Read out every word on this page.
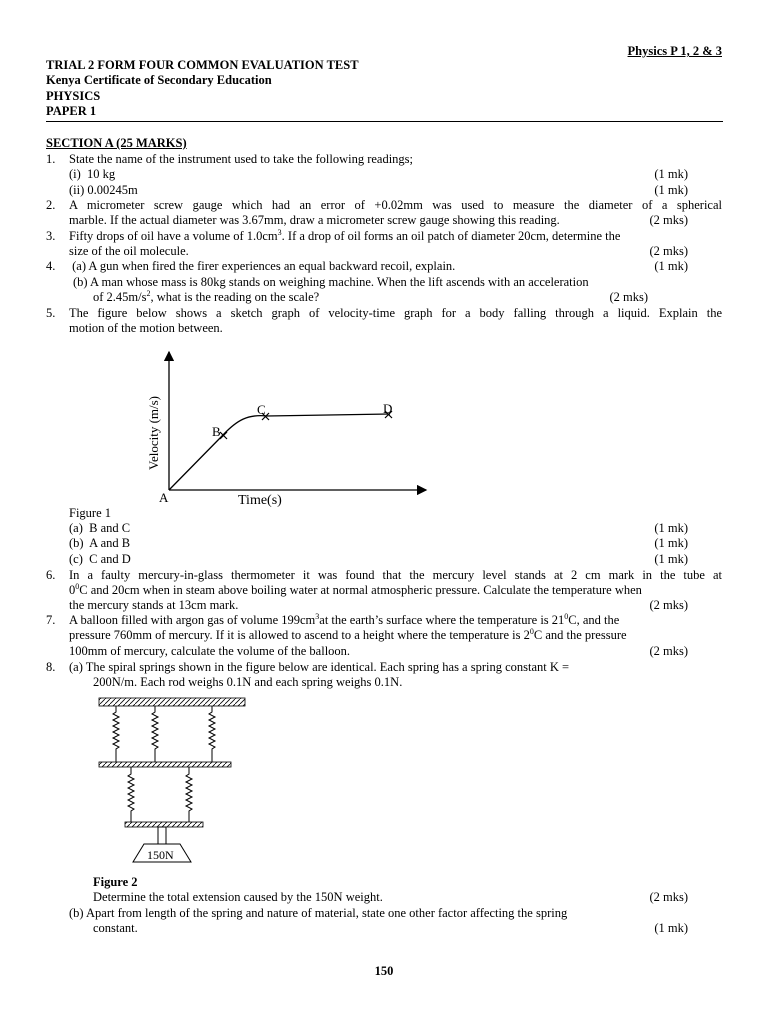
Physics P 1, 2 & 3
TRIAL 2 FORM FOUR COMMON EVALUATION TEST
Kenya Certificate of Secondary Education
PHYSICS
PAPER 1
SECTION A (25 MARKS)
1. State the name of the instrument used to take the following readings;
(i)  10 kg	(1 mk)
(ii) 0.00245m	(1 mk)
2. A micrometer screw gauge which had an error of +0.02mm was used to measure the diameter of a spherical
marble. If the actual diameter was 3.67mm, draw a micrometer screw gauge showing this reading.	(2 mks)
3. Fifty drops of oil have a volume of $1.0cm^3$. If a drop of oil forms an oil patch of diameter 20cm, determine the
size of the oil molecule.	(2 mks)
4. (a) A gun when fired the firer experiences an equal backward recoil, explain.	(1 mk)
(b) A man whose mass is 80kg stands on weighing machine. When the lift ascends with an acceleration
of $2.45m/s^2$, what is the reading on the scale?	(2 mks)
5. The figure below shows a sketch graph of velocity-time graph for a body falling through a liquid. Explain the
motion of the motion between.
A
B
C	D
Time(s)
Velocity (m/s)
Figure 1
(a)  B and C	(1 mk)
(b)  A and B	(1 mk)
(c)  C and D	(1 mk)
6. In a faulty mercury-in-glass thermometer it was found that the mercury level stands at 2 cm mark in the tube at
$0^0C$ and 20cm when in steam above boiling water at normal atmospheric pressure. Calculate the temperature when
the mercury stands at 13cm mark.	(2 mks)
7. A balloon filled with argon gas of volume $199cm^3at$ the earth’s surface where the temperature is $21^0C$, and the
pressure 760mm of mercury. If it is allowed to ascend to a height where the temperature is $2^0C$ and the pressure
100mm of mercury, calculate the volume of the balloon.	(2 mks)
8. (a) The spiral springs shown in the figure below are identical. Each spring has a spring constant K =
200N/m. Each rod weighs 0.1N and each spring weighs 0.1N.
150N
Figure 2
Determine the total extension caused by the 150N weight.	(2 mks)
(b) Apart from length of the spring and nature of material, state one other factor affecting the spring
constant.	(1 mk)
150
